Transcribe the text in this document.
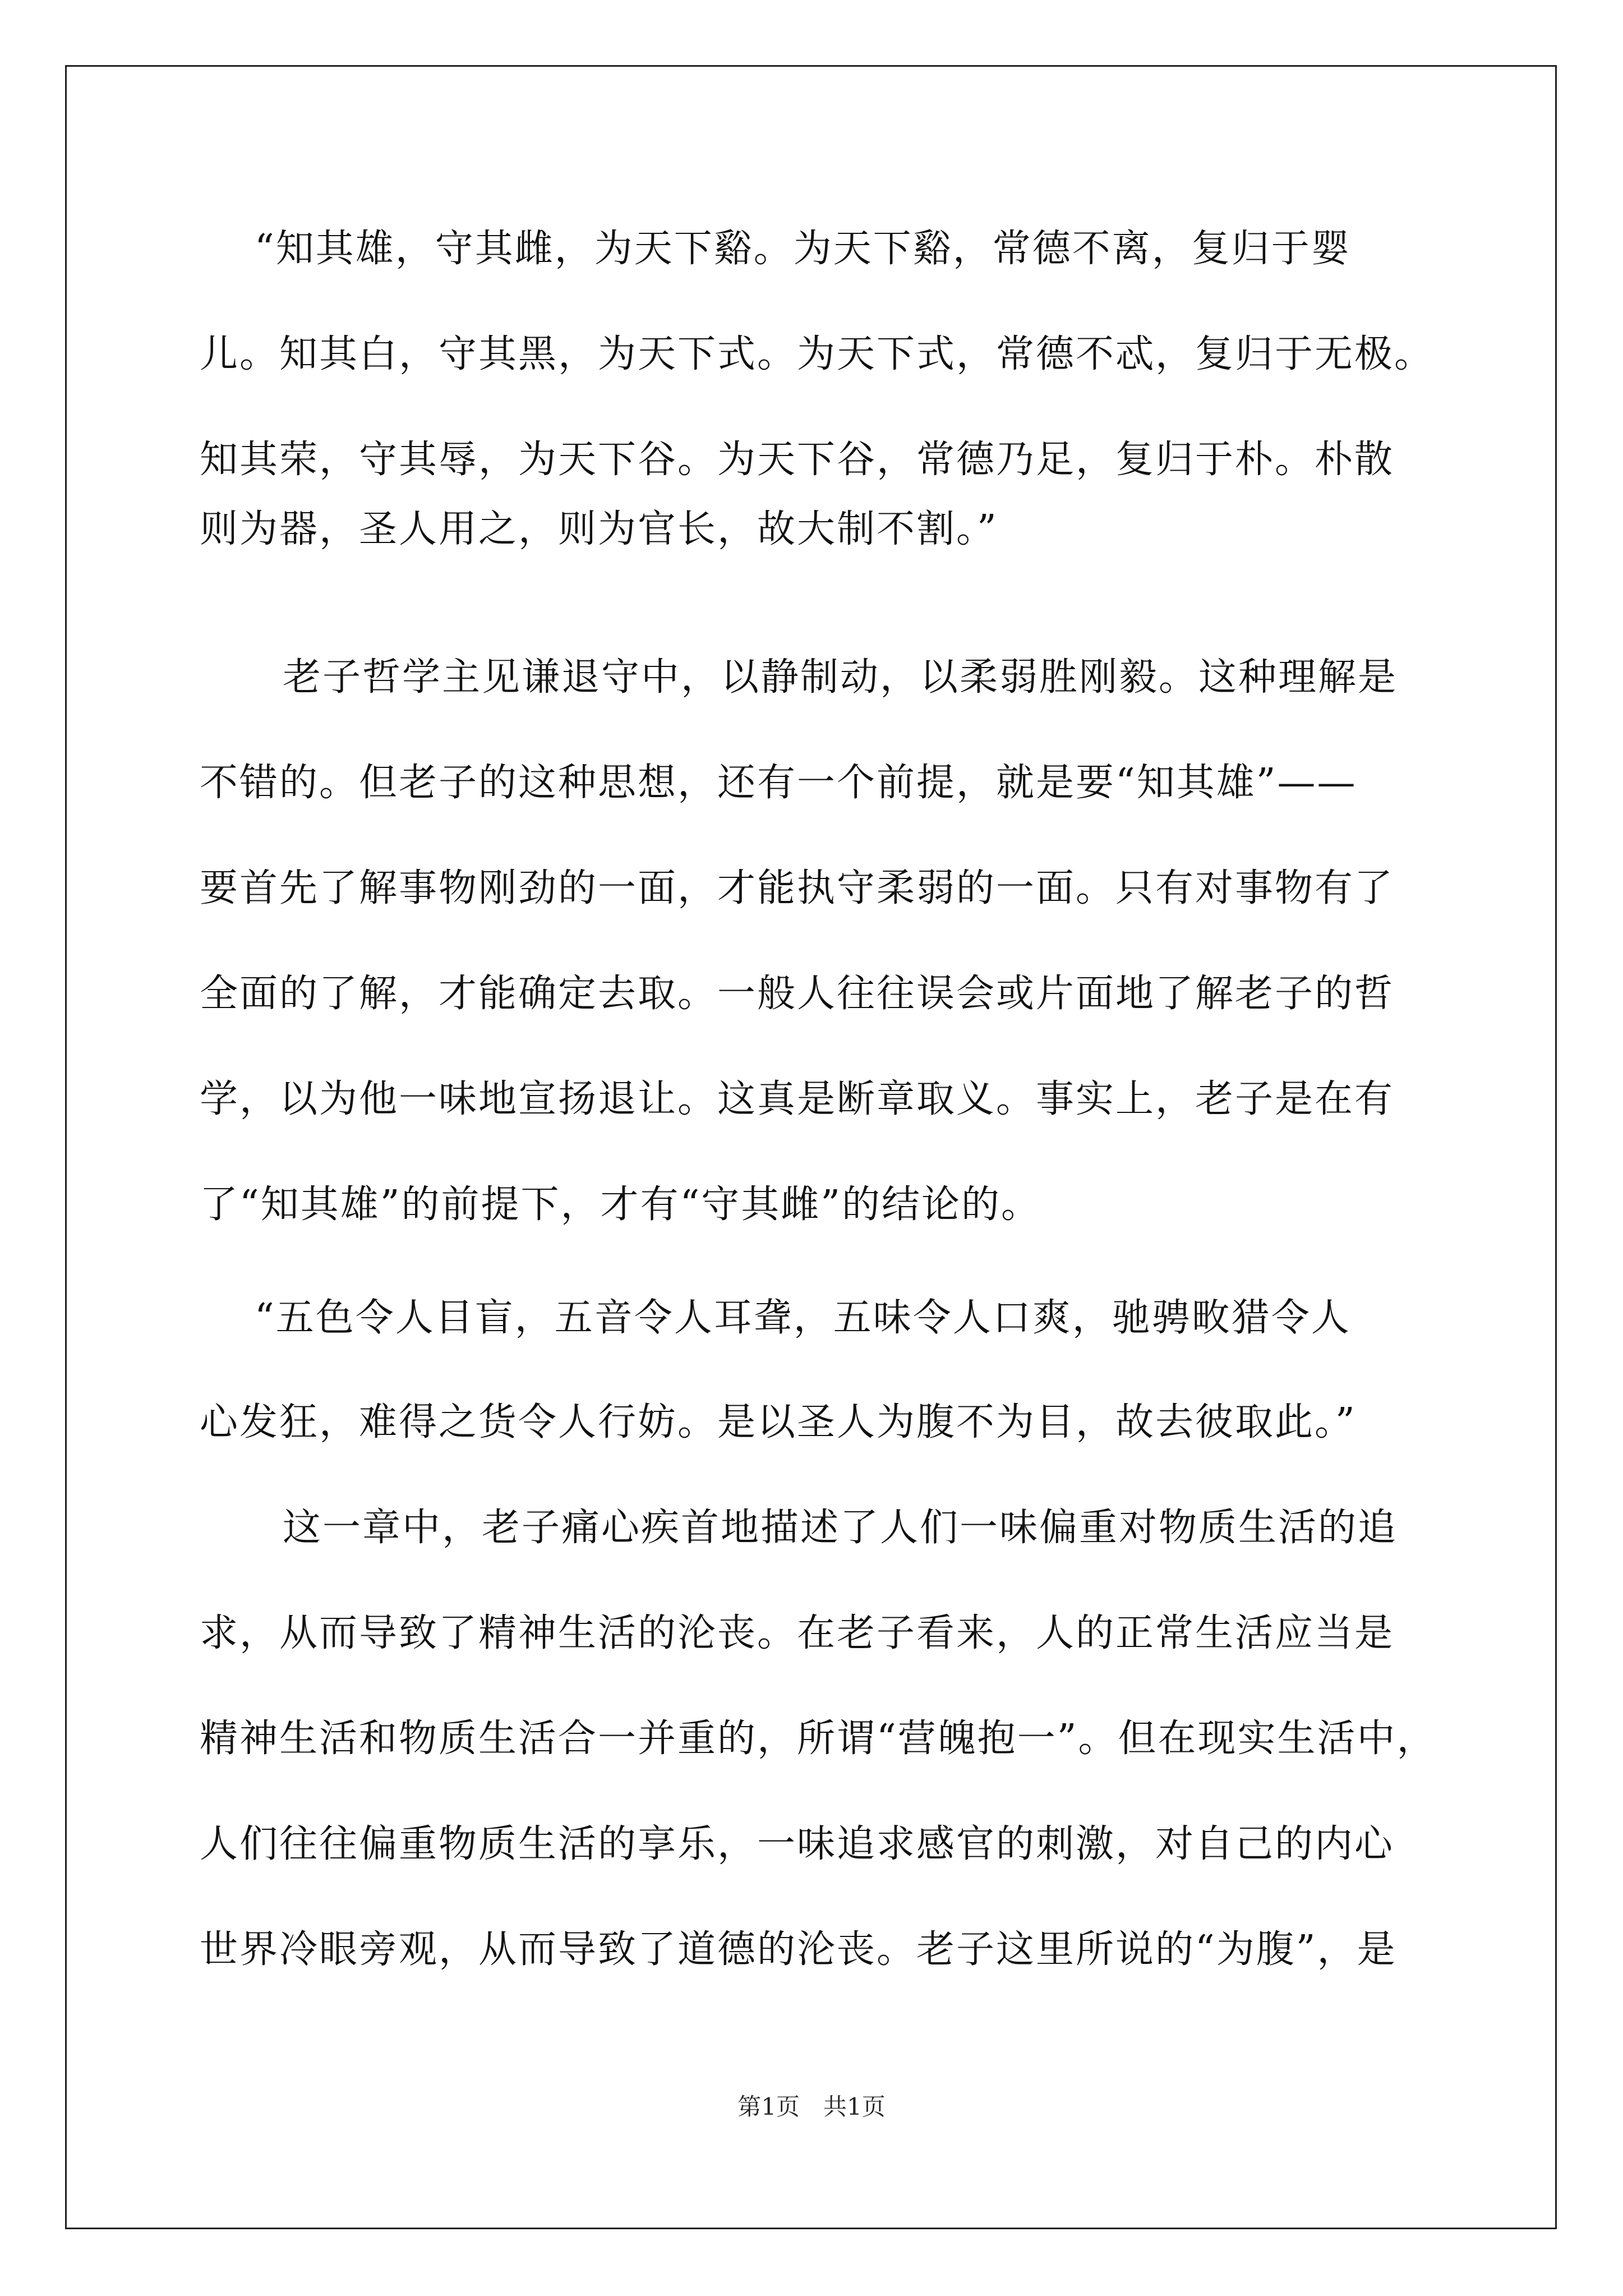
“知其雄，守其雌，为天下谿。为天下谿，常德不离，复归于婴
儿。知其白，守其黑，为天下式。为天下式，常德不忒，复归于无极。
知其荣，守其辱，为天下谷。为天下谷，常德乃足，复归于朴。朴散
则为器，圣人用之，则为官长，故大制不割。”
老子哲学主见谦退守中，以静制动，以柔弱胜刚毅。这种理解是
不错的。但老子的这种思想，还有一个前提，就是要“知其雄”——
要首先了解事物刚劲的一面，才能执守柔弱的一面。只有对事物有了
全面的了解，才能确定去取。一般人往往误会或片面地了解老子的哲
学，以为他一味地宣扬退让。这真是断章取义。事实上，老子是在有
了“知其雄”的前提下，才有“守其雌”的结论的。
“五色令人目盲，五音令人耳聋，五味令人口爽，驰骋畋猎令人
心发狂，难得之货令人行妨。是以圣人为腹不为目，故去彼取此。”
这一章中，老子痛心疾首地描述了人们一味偏重对物质生活的追
求，从而导致了精神生活的沦丧。在老子看来，人的正常生活应当是
精神生活和物质生活合一并重的，所谓“营魄抱一”。但在现实生活中，
人们往往偏重物质生活的享乐，一味追求感官的刺激，对自己的内心
世界冷眼旁观，从而导致了道德的沦丧。老子这里所说的“为腹”，是
第1页　共1页
